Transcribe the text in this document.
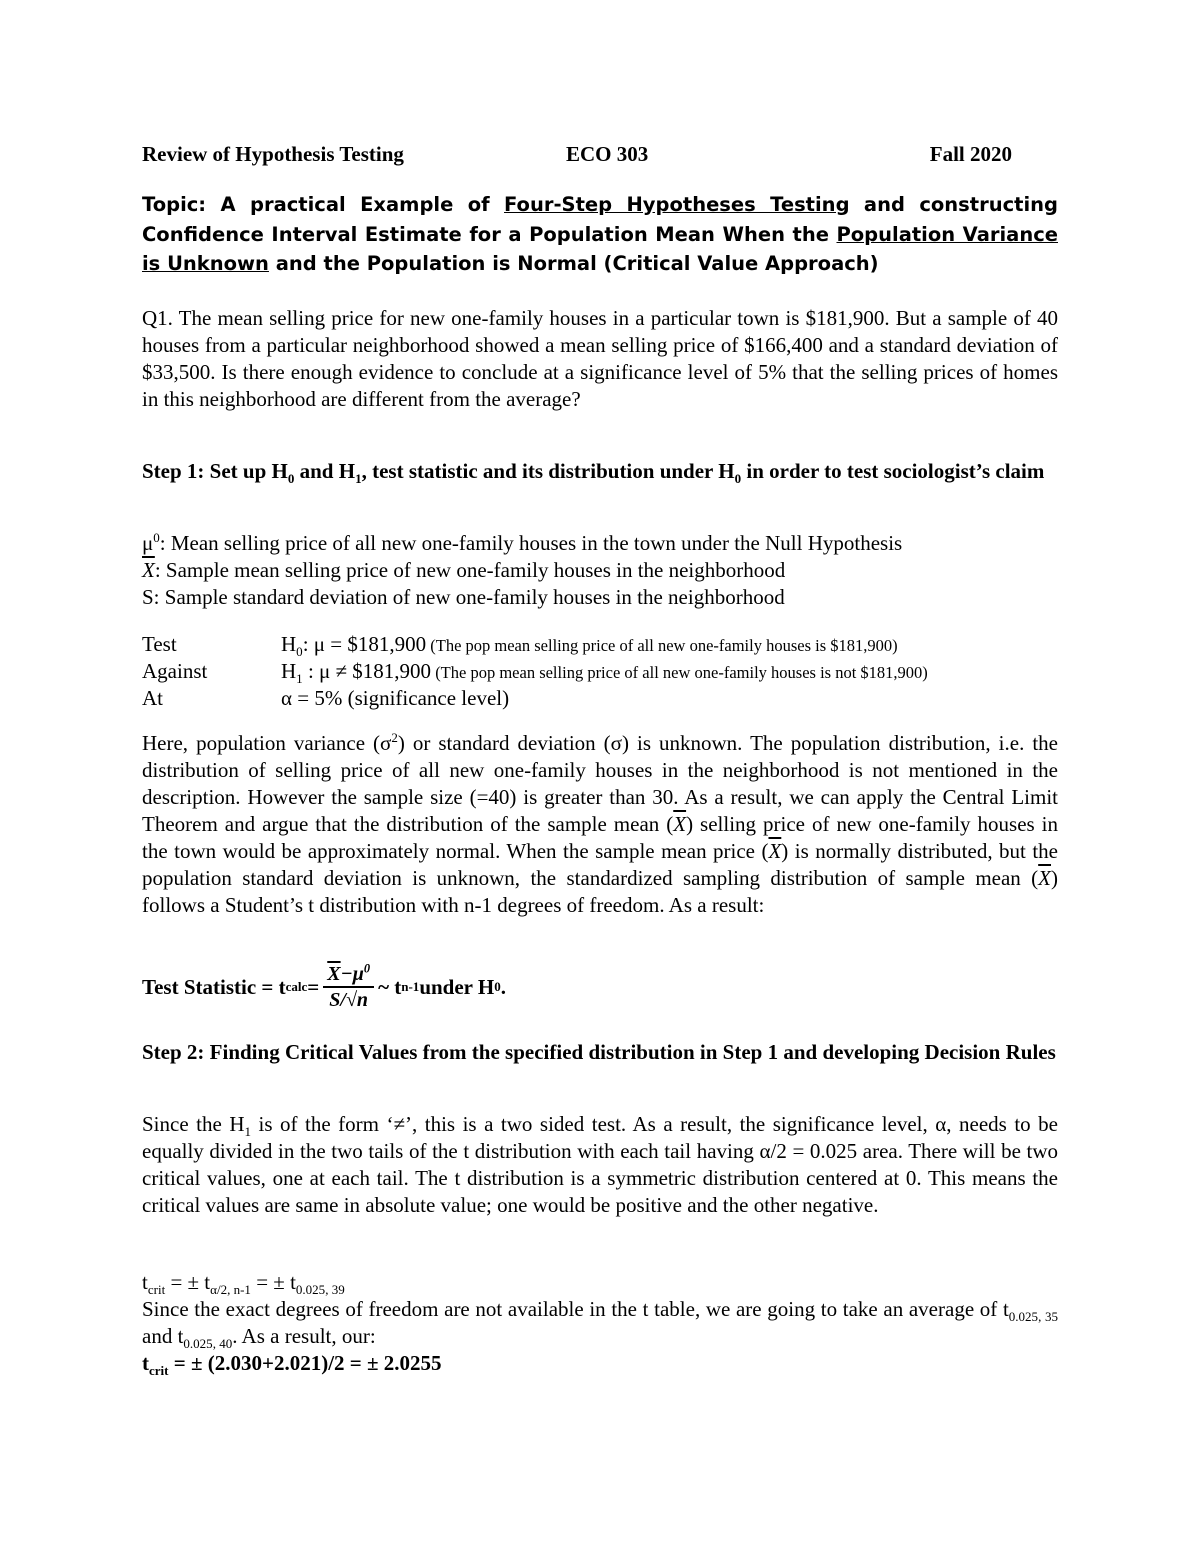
Review of Hypothesis Testing	ECO 303	Fall 2020

Topic: A practical Example of Four-Step Hypotheses Testing and constructing Confidence Interval Estimate for a Population Mean When the Population Variance is Unknown and the Population is Normal (Critical Value Approach)

Q1. The mean selling price for new one-family houses in a particular town is $181,900. But a sample of 40 houses from a particular neighborhood showed a mean selling price of $166,400 and a standard deviation of $33,500. Is there enough evidence to conclude at a significance level of 5% that the selling prices of homes in this neighborhood are different from the average?

Step 1: Set up $H_0$ and $H_1$, test statistic and its distribution under $H_0$ in order to test sociologist’s claim

$\mu^0$: Mean selling price of all new one-family houses in the town under the Null Hypothesis
$\overline{X}$: Sample mean selling price of new one-family houses in the neighborhood
S: Sample standard deviation of new one-family houses in the neighborhood
Test	$H_0$: μ = $181,900 (The pop mean selling price of all new one-family houses is $181,900)
Against	$H_1$ : μ ≠ $181,900 (The pop mean selling price of all new one-family houses is not $181,900)
At	α = 5% (significance level)

Here, population variance $(\sigma^2)$ or standard deviation (σ) is unknown. The population distribution, i.e. the distribution of selling price of all new one-family houses in the neighborhood is not mentioned in the description. However the sample size (=40) is greater than 30. As a result, we can apply the Central Limit Theorem and argue that the distribution of the sample mean $(\overline{X})$ selling price of new one-family houses in the town would be approximately normal. When the sample mean price $(\overline{X})$ is normally distributed, but the population standard deviation is unknown, the standardized sampling distribution of sample mean $(\overline{X})$ follows a Student’s t distribution with n-1 degrees of freedom. As a result:

Test Statistic = t calc = $\frac{\overline{X}-\mu^0}{S/√n}$ ~ t n-1 under H 0 .

Step 2: Finding Critical Values from the specified distribution in Step 1 and developing Decision Rules

Since the $H_1$ is of the form ‘≠’, this is a two sided test. As a result, the significance level, α, needs to be equally divided in the two tails of the t distribution with each tail having α/2 = 0.025 area. There will be two critical values, one at each tail. The t distribution is a symmetric distribution centered at 0. This means the critical values are same in absolute value; one would be positive and the other negative.

$t_{crit}$ = ± $t_{\alpha/2, n-1}$ = ± $t_{0.025, 39}$

Since the exact degrees of freedom are not available in the t table, we are going to take an average of $t_{0.025, 35}$ and $t_{0.025, 40}$. As a result, our:

$t_{crit}$ = ± (2.030+2.021)/2 = ± 2.0255
